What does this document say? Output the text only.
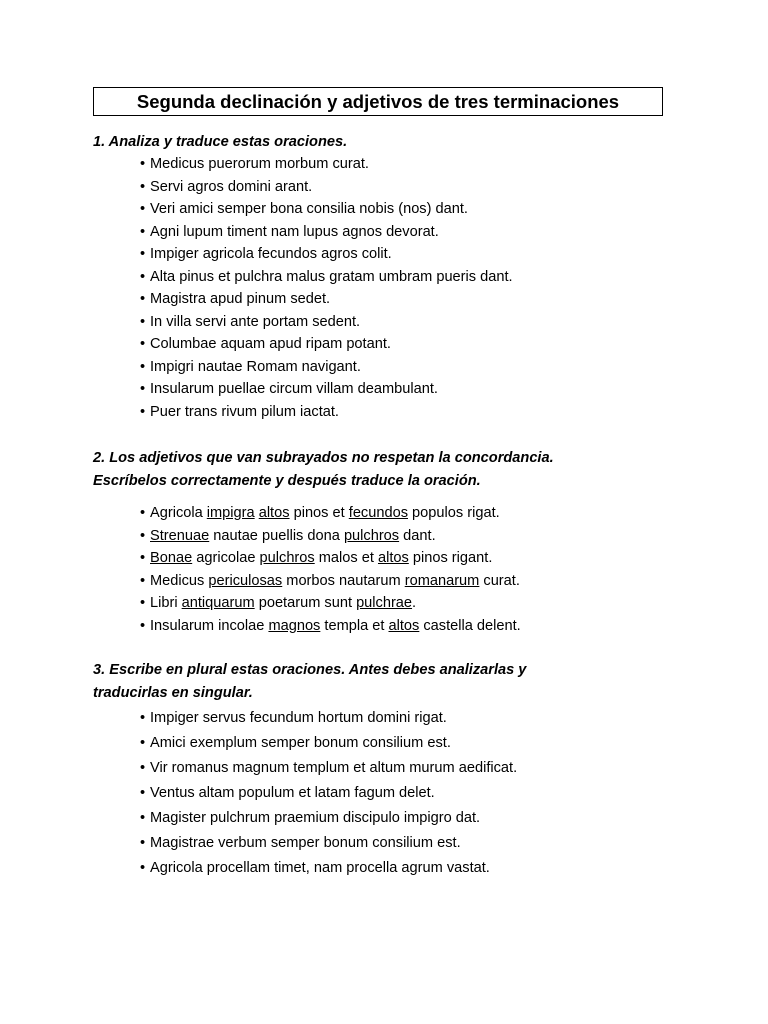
Segunda declinación y adjetivos de tres terminaciones
1. Analiza y traduce estas oraciones.
• Medicus puerorum morbum curat.
• Servi agros domini arant.
• Veri amici semper bona consilia nobis (nos) dant.
• Agni lupum timent nam lupus agnos devorat.
• Impiger agricola fecundos agros colit.
• Alta pinus et pulchra malus gratam umbram pueris dant.
• Magistra apud pinum sedet.
• In villa servi ante portam sedent.
• Columbae aquam apud ripam potant.
• Impigri nautae Romam navigant.
• Insularum puellae circum villam deambulant.
• Puer trans rivum pilum iactat.
2. Los adjetivos que van subrayados no respetan la concordancia.
Escríbelos correctamente y después traduce la oración.
• Agricola impigra altos pinos et fecundos populos rigat.
• Strenuae nautae puellis dona pulchros dant.
• Bonae agricolae pulchros malos et altos pinos rigant.
• Medicus periculosas morbos nautarum romanarum curat.
• Libri antiquarum poetarum sunt pulchrae.
• Insularum incolae magnos templa et altos castella delent.
3. Escribe en plural estas oraciones. Antes debes analizarlas y
traducirlas en singular.
• Impiger servus fecundum hortum domini rigat.
• Amici exemplum semper bonum consilium est.
• Vir romanus magnum templum et altum murum aedificat.
• Ventus altam populum et latam fagum delet.
• Magister pulchrum praemium discipulo impigro dat.
• Magistrae verbum semper bonum consilium est.
• Agricola procellam timet, nam procella agrum vastat.
